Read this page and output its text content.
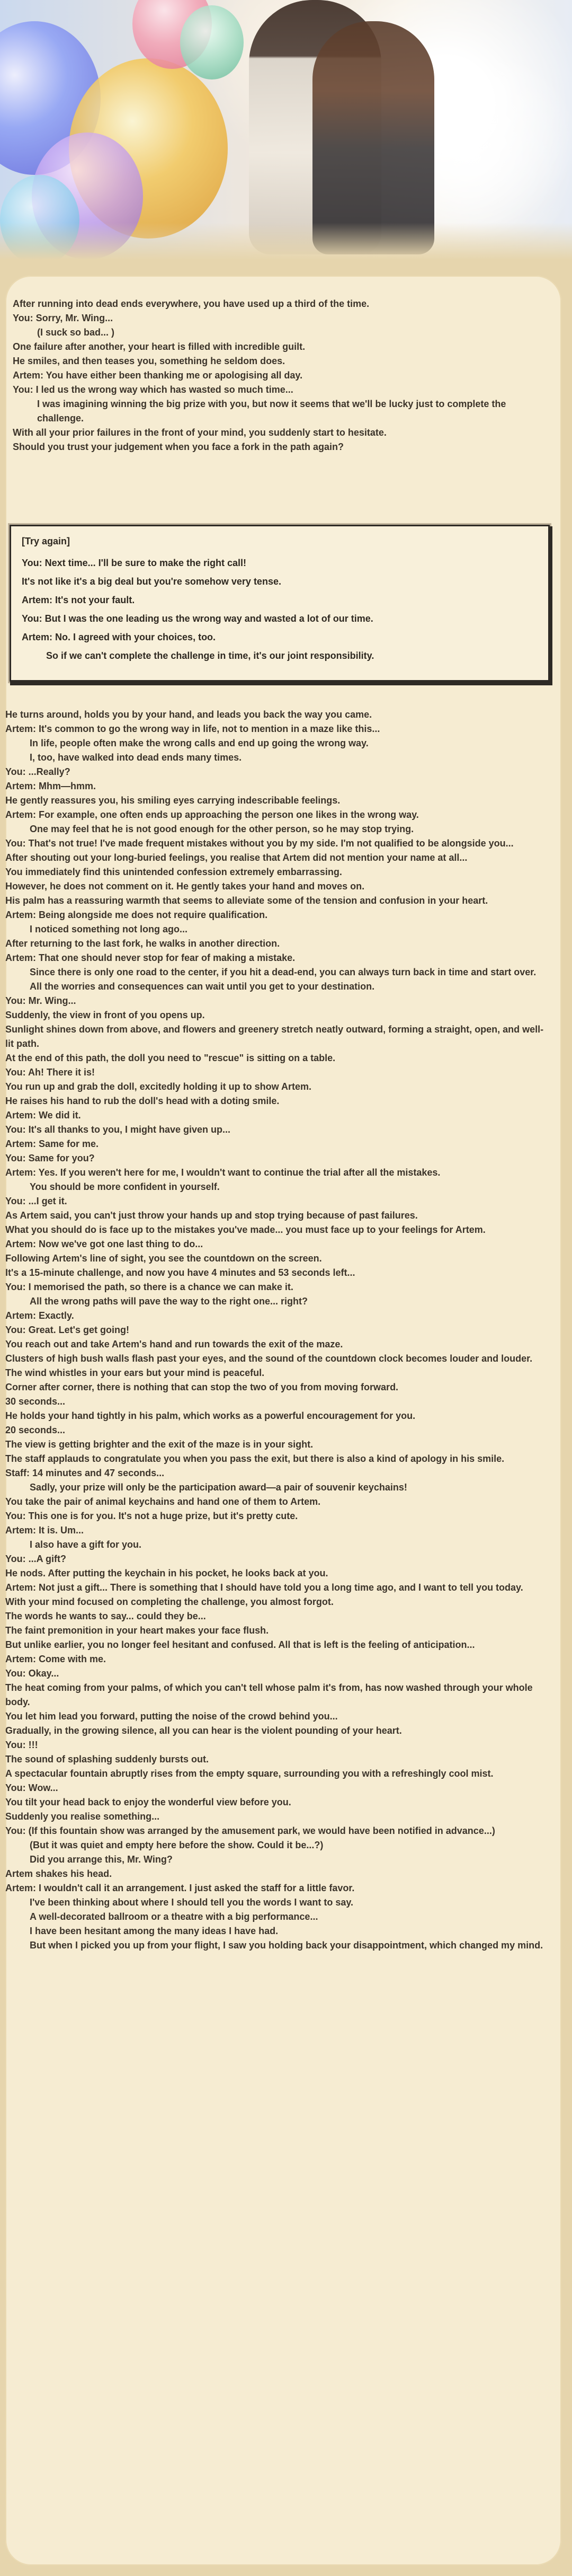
After running into dead ends everywhere, you have used up a third of the time.
You: Sorry, Mr. Wing...
(I suck so bad... )
One failure after another, your heart is filled with incredible guilt.
He smiles, and then teases you, something he seldom does.
Artem: You have either been thanking me or apologising all day.
You: I led us the wrong way which has wasted so much time...
I was imagining winning the big prize with you, but now it seems that we'll be lucky just to complete the challenge.
With all your prior failures in the front of your mind, you suddenly start to hesitate.
Should you trust your judgement when you face a fork in the path again?
[Try again]
You: Next time... I'll be sure to make the right call!
It's not like it's a big deal but you're somehow very tense.
Artem: It's not your fault.
You: But I was the one leading us the wrong way and wasted a lot of our time.
Artem: No. I agreed with your choices, too.
So if we can't complete the challenge in time, it's our joint responsibility.
He turns around, holds you by your hand, and leads you back the way you came.
Artem: It's common to go the wrong way in life, not to mention in a maze like this...
In life, people often make the wrong calls and end up going the wrong way.
I, too, have walked into dead ends many times.
You: ...Really?
Artem: Mhm—hmm.
He gently reassures you, his smiling eyes carrying indescribable feelings.
Artem: For example, one often ends up approaching the person one likes in the wrong way.
One may feel that he is not good enough for the other person, so he may stop trying.
You: That's not true! I've made frequent mistakes without you by my side. I'm not qualified to be alongside you...
After shouting out your long-buried feelings, you realise that Artem did not mention your name at all...
You immediately find this unintended confession extremely embarrassing.
However, he does not comment on it. He gently takes your hand and moves on.
His palm has a reassuring warmth that seems to alleviate some of the tension and confusion in your heart.
Artem: Being alongside me does not require qualification.
I noticed something not long ago...
After returning to the last fork, he walks in another direction.
Artem: That one should never stop for fear of making a mistake.
Since there is only one road to the center, if you hit a dead-end, you can always turn back in time and start over.
All the worries and consequences can wait until you get to your destination.
You: Mr. Wing...
Suddenly, the view in front of you opens up.
Sunlight shines down from above, and flowers and greenery stretch neatly outward, forming a straight, open, and well-lit path.
At the end of this path, the doll you need to "rescue" is sitting on a table.
You: Ah! There it is!
You run up and grab the doll, excitedly holding it up to show Artem.
He raises his hand to rub the doll's head with a doting smile.
Artem: We did it.
You: It's all thanks to you, I might have given up...
Artem: Same for me.
You: Same for you?
Artem: Yes. If you weren't here for me, I wouldn't want to continue the trial after all the mistakes.
You should be more confident in yourself.
You: ...I get it.
As Artem said, you can't just throw your hands up and stop trying because of past failures.
What you should do is face up to the mistakes you've made... you must face up to your feelings for Artem.
Artem: Now we've got one last thing to do...
Following Artem's line of sight, you see the countdown on the screen.
It's a 15-minute challenge, and now you have 4 minutes and 53 seconds left...
You: I memorised the path, so there is a chance we can make it.
All the wrong paths will pave the way to the right one... right?
Artem: Exactly.
You: Great. Let's get going!
You reach out and take Artem's hand and run towards the exit of the maze.
Clusters of high bush walls flash past your eyes, and the sound of the countdown clock becomes louder and louder.
The wind whistles in your ears but your mind is peaceful.
Corner after corner, there is nothing that can stop the two of you from moving forward.
30 seconds...
He holds your hand tightly in his palm, which works as a powerful encouragement for you.
20 seconds...
The view is getting brighter and the exit of the maze is in your sight.
The staff applauds to congratulate you when you pass the exit, but there is also a kind of apology in his smile.
Staff: 14 minutes and 47 seconds...
Sadly, your prize will only be the participation award—a pair of souvenir keychains!
You take the pair of animal keychains and hand one of them to Artem.
You: This one is for you. It's not a huge prize, but it's pretty cute.
Artem: It is. Um...
I also have a gift for you.
You: ...A gift?
He nods. After putting the keychain in his pocket, he looks back at you.
Artem: Not just a gift... There is something that I should have told you a long time ago, and I want to tell you today.
With your mind focused on completing the challenge, you almost forgot.
The words he wants to say... could they be...
The faint premonition in your heart makes your face flush.
But unlike earlier, you no longer feel hesitant and confused. All that is left is the feeling of anticipation...
Artem: Come with me.
You: Okay...
The heat coming from your palms, of which you can't tell whose palm it's from, has now washed through your whole body.
You let him lead you forward, putting the noise of the crowd behind you...
Gradually, in the growing silence, all you can hear is the violent pounding of your heart.
You: !!!
The sound of splashing suddenly bursts out.
A spectacular fountain abruptly rises from the empty square, surrounding you with a refreshingly cool mist.
You: Wow...
You tilt your head back to enjoy the wonderful view before you.
Suddenly you realise something...
You: (If this fountain show was arranged by the amusement park, we would have been notified in advance...)
(But it was quiet and empty here before the show. Could it be...?)
Did you arrange this, Mr. Wing?
Artem shakes his head.
Artem: I wouldn't call it an arrangement. I just asked the staff for a little favor.
I've been thinking about where I should tell you the words I want to say.
A well-decorated ballroom or a theatre with a big performance...
I have been hesitant among the many ideas I have had.
But when I picked you up from your flight, I saw you holding back your disappointment, which changed my mind.
